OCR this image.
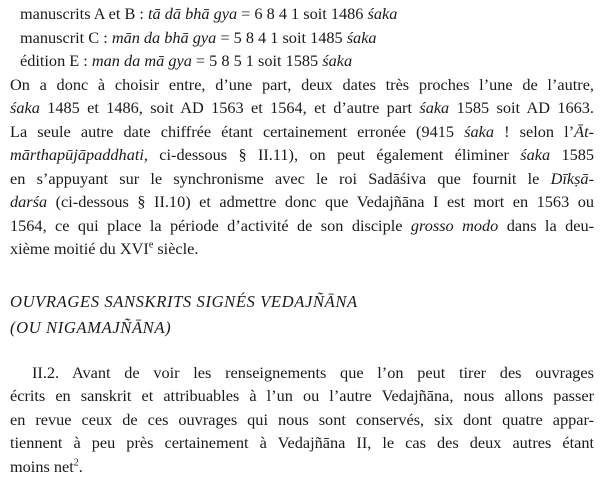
manuscrits A et B : tā dā bhā gya = 6 8 4 1 soit 1486 śaka
manuscrit C : mān da bhā gya = 5 8 4 1 soit 1485 śaka
édition E : man da mā gya = 5 8 5 1 soit 1585 śaka
On a donc à choisir entre, d’une part, deux dates très proches l’une de l’autre,
śaka 1485 et 1486, soit AD 1563 et 1564, et d’autre part śaka 1585 soit AD 1663.
La seule autre date chiffrée étant certainement erronée (9415 śaka ! selon l’Āt-
mārthapūjāpaddhati, ci-dessous § II.11), on peut également éliminer śaka 1585
en s’appuyant sur le synchronisme avec le roi Sadāśiva que fournit le Dīkṣā-
darśa (ci-dessous § II.10) et admettre donc que Vedajñāna I est mort en 1563 ou
1564, ce qui place la période d’activité de son disciple grosso modo dans la deu-
xième moitié du XVIe siècle.
OUVRAGES SANSKRITS SIGNÉS VEDAJÑĀNA
(OU NIGAMAJÑĀNA)
II.2. Avant de voir les renseignements que l’on peut tirer des ouvrages
écrits en sanskrit et attribuables à l’un ou l’autre Vedajñāna, nous allons passer
en revue ceux de ces ouvrages qui nous sont conservés, six dont quatre appar-
tiennent à peu près certainement à Vedajñāna II, le cas des deux autres étant
moins net$^2$.
